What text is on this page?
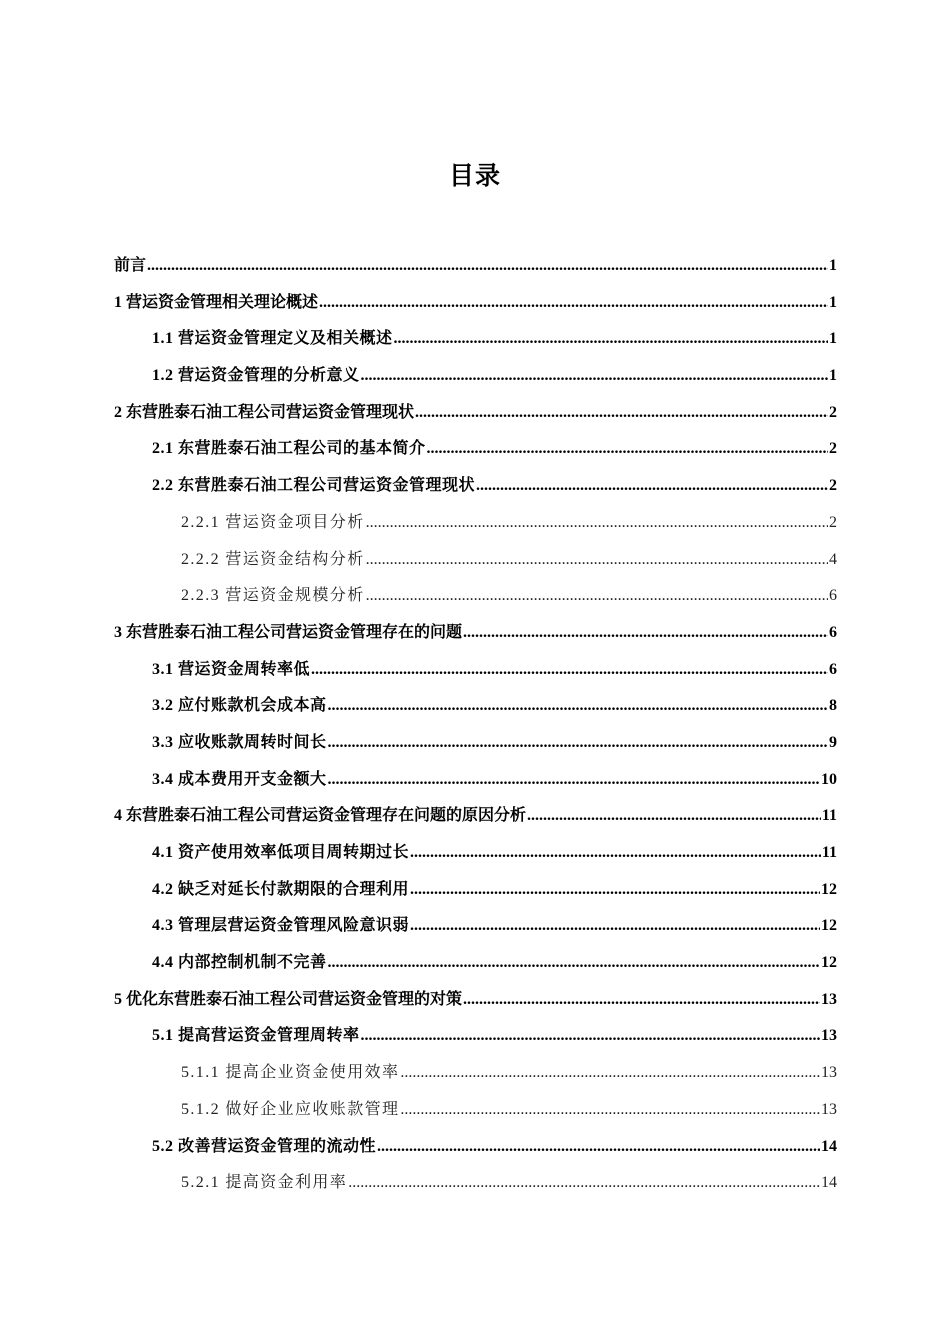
目录
前言 .....	1
1 营运资金管理相关理论概述 .....	1
1.1 营运资金管理定义及相关概述 .....	1
1.2 营运资金管理的分析意义 .....	1
2 东营胜泰石油工程公司营运资金管理现状 .....	2
2.1 东营胜泰石油工程公司的基本简介 .....	2
2.2 东营胜泰石油工程公司营运资金管理现状 .....	2
2.2.1 营运资金项目分析 .....	2
2.2.2 营运资金结构分析 .....	4
2.2.3 营运资金规模分析 .....	6
3 东营胜泰石油工程公司营运资金管理存在的问题 .....	6
3.1 营运资金周转率低 .....	6
3.2 应付账款机会成本高 .....	8
3.3 应收账款周转时间长 .....	9
3.4 成本费用开支金额大 .....	10
4 东营胜泰石油工程公司营运资金管理存在问题的原因分析 .....	11
4.1 资产使用效率低项目周转期过长 .....	11
4.2 缺乏对延长付款期限的合理利用 .....	12
4.3 管理层营运资金管理风险意识弱 .....	12
4.4 内部控制机制不完善 .....	12
5 优化东营胜泰石油工程公司营运资金管理的对策 .....	13
5.1 提高营运资金管理周转率 .....	13
5.1.1 提高企业资金使用效率 .....	13
5.1.2 做好企业应收账款管理 .....	13
5.2 改善营运资金管理的流动性 .....	14
5.2.1 提高资金利用率 .....	14
